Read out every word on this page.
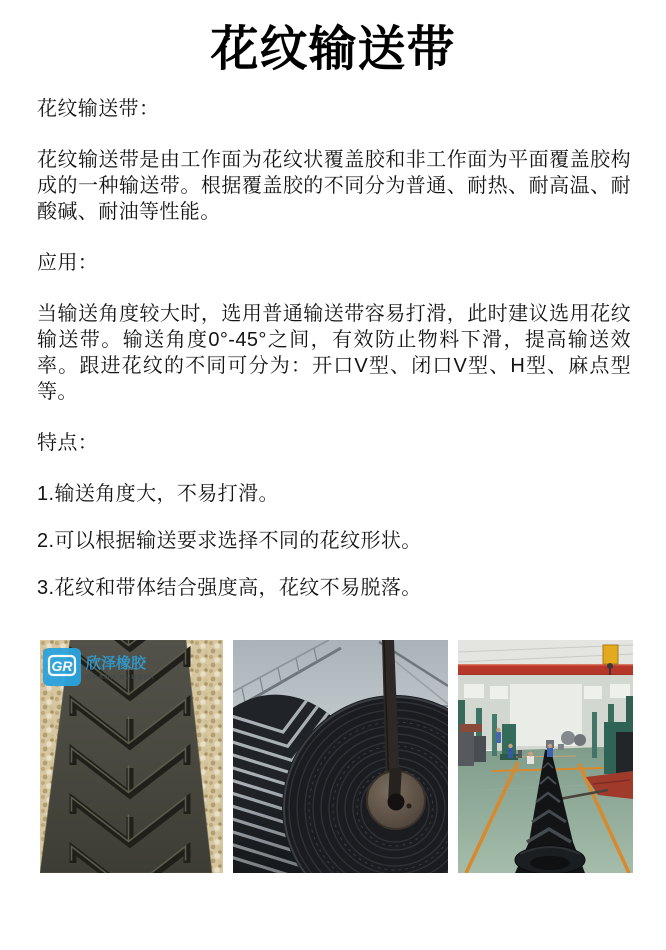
花纹输送带

花纹输送带：

花纹输送带是由工作面为花纹状覆盖胶和非工作面为平面覆盖胶构成的一种输送带。根据覆盖胶的不同分为普通、耐热、耐高温、耐酸碱、耐油等性能。

应用：

当输送角度较大时，选用普通输送带容易打滑，此时建议选用花纹输送带。输送角度0°-45°之间，有效防止物料下滑，提高输送效率。跟进花纹的不同可分为：开口V型、闭口V型、H型、麻点型等。

特点：

1.输送角度大，不易打滑。

2.可以根据输送要求选择不同的花纹形状。

3.花纹和带体结合强度高，花纹不易脱落。

GR 欣泽橡胶
GRAND RUBBER
